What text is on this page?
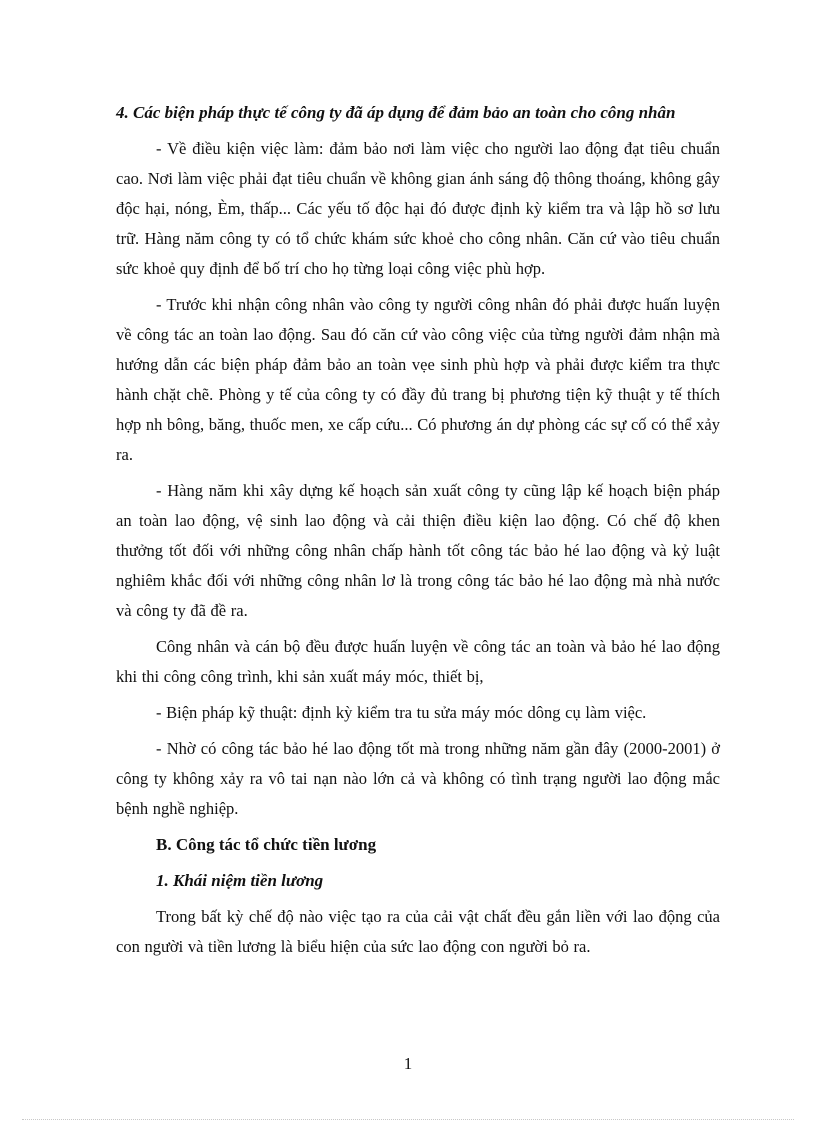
4. Các biện pháp thực tế công ty đã áp dụng để đảm bảo an toàn cho công nhân

- Về điều kiện việc làm: đảm bảo nơi làm việc cho người lao động đạt tiêu chuẩn cao. Nơi làm việc phải đạt tiêu chuẩn về không gian ánh sáng độ thông thoáng, không gây độc hại, nóng, Èm, thấp... Các yếu tố độc hại đó được định kỳ kiểm tra và lập hồ sơ lưu trữ. Hàng năm công ty có tổ chức khám sức khoẻ cho công nhân. Căn cứ vào tiêu chuẩn sức khoẻ quy định để bố trí cho họ từng loại công việc phù hợp.

- Trước khi nhận công nhân vào công ty người công nhân đó phải được huấn luyện về công tác an toàn lao động. Sau đó căn cứ vào công việc của từng người đảm nhận mà hướng dẫn các biện pháp đảm bảo an toàn vẹe sinh phù hợp và phải được kiểm tra thực hành chặt chẽ. Phòng y tế của công ty có đầy đủ trang bị phương tiện kỹ thuật y tế thích hợp nh bông, băng, thuốc men, xe cấp cứu... Có phương án dự phòng các sự cố có thể xảy ra.

- Hàng năm khi xây dựng kế hoạch sản xuất công ty cũng lập kế hoạch biện pháp an toàn lao động, vệ sinh lao động và cải thiện điều kiện lao động. Có chế độ khen thưởng tốt đối với những công nhân chấp hành tốt công tác bảo hé lao động và kỷ luật nghiêm khắc đối với những công nhân lơ là trong công tác bảo hé lao động mà nhà nước và công ty đã đề ra.

Công nhân và cán bộ đều được huấn luyện về công tác an toàn và bảo hé lao động khi thi công công trình, khi sản xuất máy móc, thiết bị,

- Biện pháp kỹ thuật: định kỳ kiểm tra tu sửa máy móc dông cụ làm việc.

- Nhờ có công tác bảo hé lao động tốt mà trong những năm gần đây (2000-2001) ở công ty không xảy ra vô tai nạn nào lớn cả và không có tình trạng người lao động mắc bệnh nghề nghiệp.

B. Công tác tổ chức tiền lương

1. Khái niệm tiền lương

Trong bất kỳ chế độ nào việc tạo ra của cải vật chất đều gắn liền với lao động của con người và tiền lương là biểu hiện của sức lao động con người bỏ ra.

1
